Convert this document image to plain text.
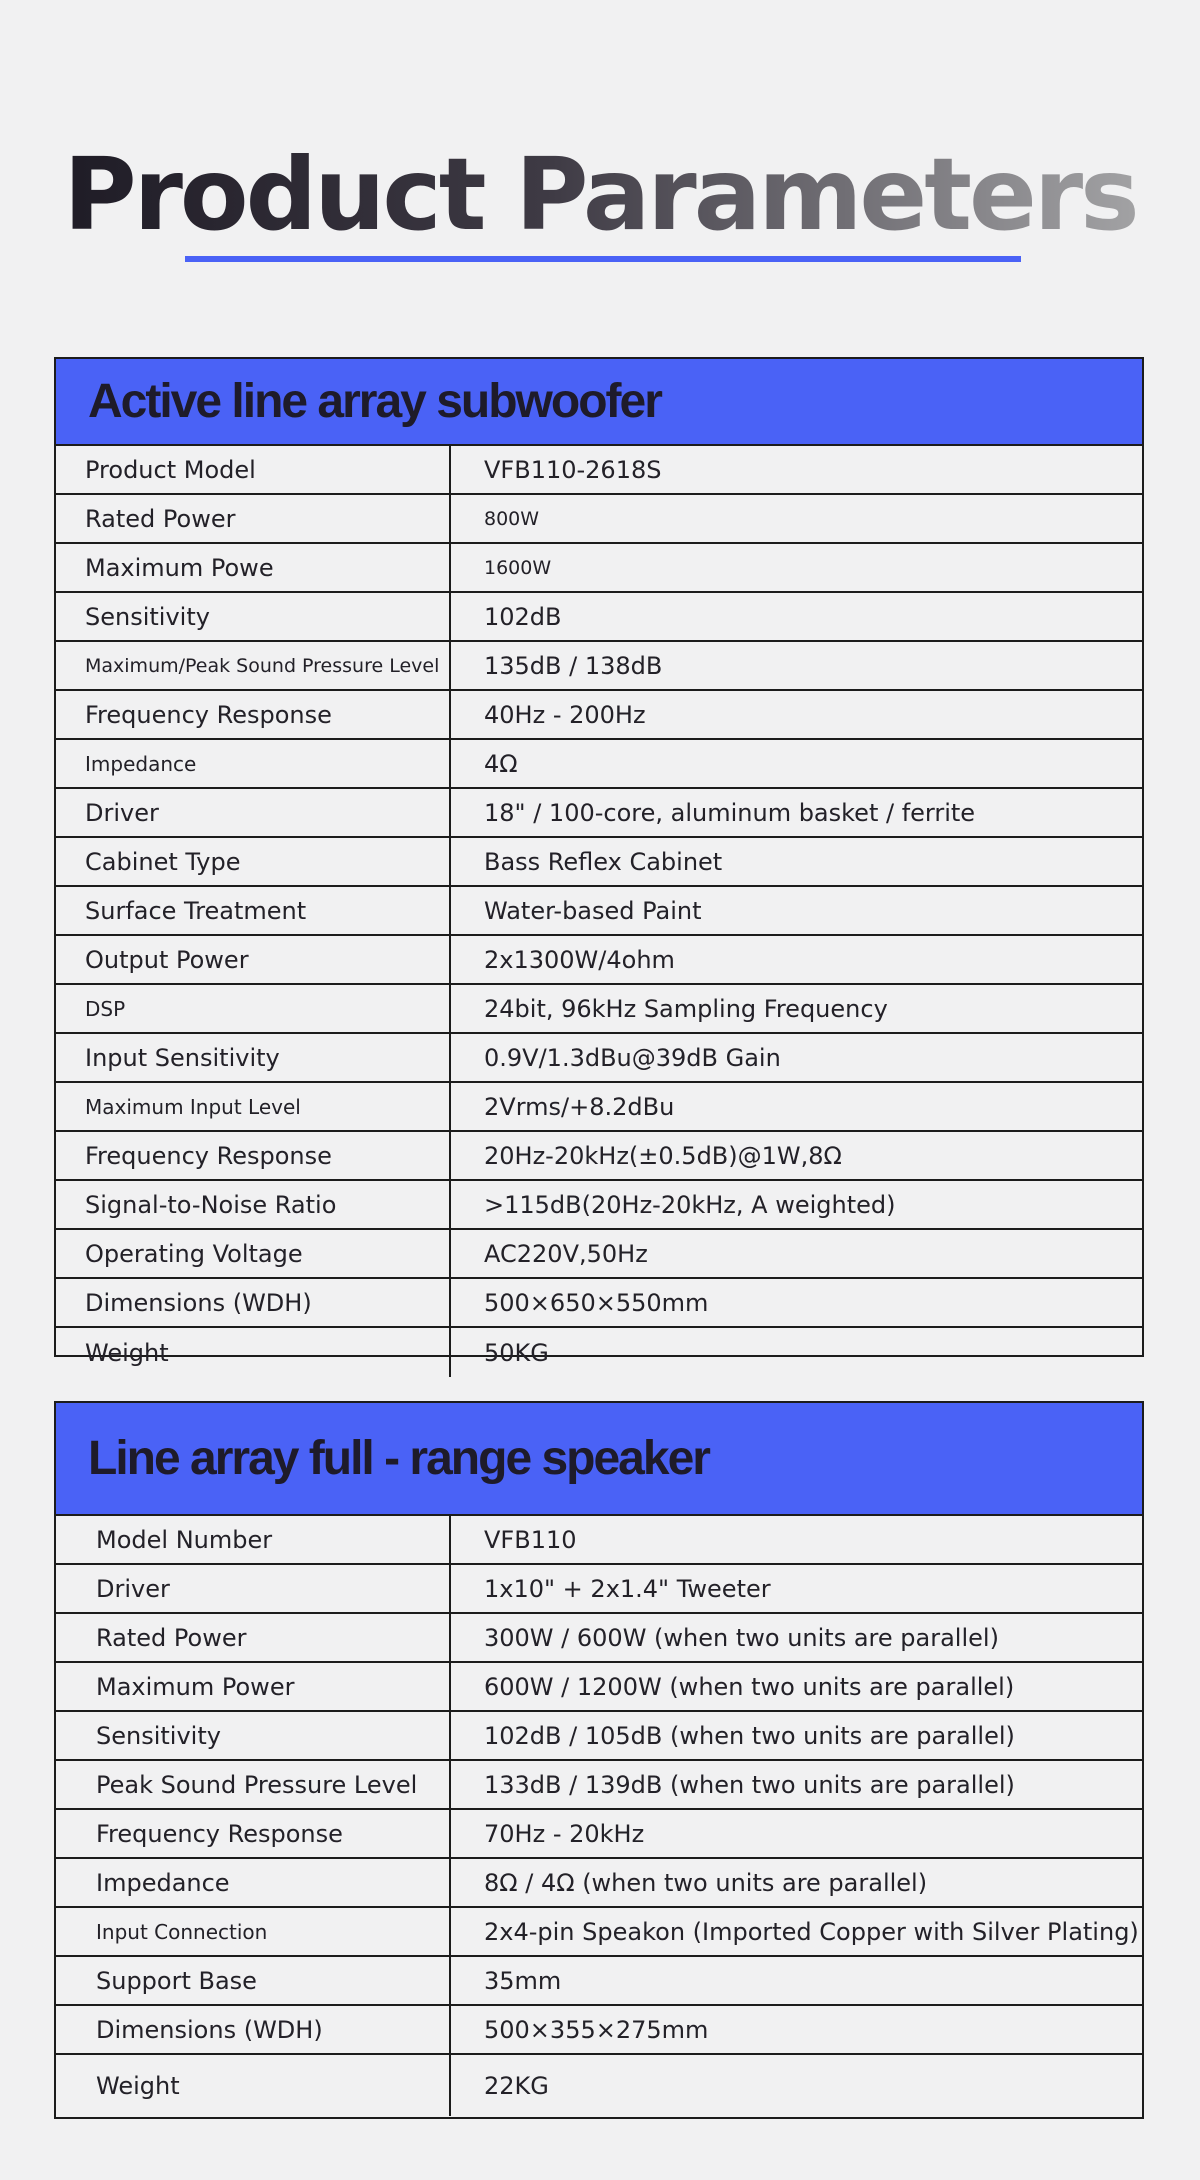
Product Parameters
Active line array subwoofer
Product Model	VFB110-2618S
Rated Power	800W
Maximum Powe	1600W
Sensitivity	102dB
Maximum/Peak Sound Pressure Level	135dB / 138dB
Frequency Response	40Hz - 200Hz
Impedance	4Ω
Driver	18" / 100-core, aluminum basket / ferrite
Cabinet Type	Bass Reflex Cabinet
Surface Treatment	Water-based Paint
Output Power	2x1300W/4ohm
DSP	24bit, 96kHz Sampling Frequency
Input Sensitivity	0.9V/1.3dBu@39dB Gain
Maximum Input Level	2Vrms/+8.2dBu
Frequency Response	20Hz-20kHz(±0.5dB)@1W,8Ω
Signal-to-Noise Ratio	>115dB(20Hz-20kHz, A weighted)
Operating Voltage	AC220V,50Hz
Dimensions (WDH)	500×650×550mm
Weight	50KG
Line array full - range speaker
Model Number	VFB110
Driver	1x10" + 2x1.4" Tweeter
Rated Power	300W / 600W (when two units are parallel)
Maximum Power	600W / 1200W (when two units are parallel)
Sensitivity	102dB / 105dB (when two units are parallel)
Peak Sound Pressure Level	133dB / 139dB (when two units are parallel)
Frequency Response	70Hz - 20kHz
Impedance	8Ω / 4Ω (when two units are parallel)
Input Connection	2x4-pin Speakon (Imported Copper with Silver Plating)
Support Base	35mm
Dimensions (WDH)	500×355×275mm
Weight	22KG
